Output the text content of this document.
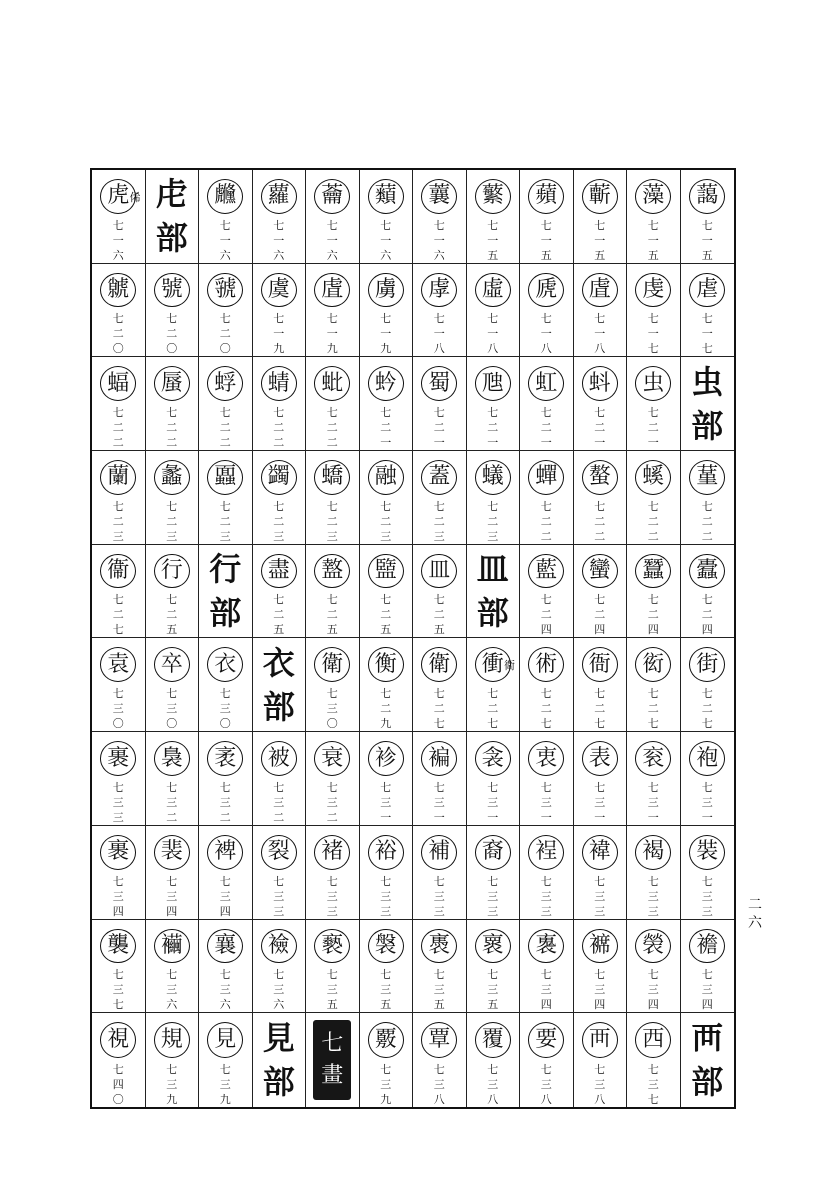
虎
七
一
六
俙 虍
部
虪
七
一
六
蘿
七
一
六
蘥
七
一
六
蘱
七
一
六
蘘
七
一
六
蘩
七
一
五
蘋
七
一
五
蘄
七
一
五
藻
七
一
五
藹
七
一
五
虩
七
二
〇
號
七
二
〇
虢
七
二
〇
虞
七
一
九
虘
七
一
九
虜
七
一
九
虖
七
一
八
虛
七
一
八
虒
七
一
八
虘
七
一
八
虔
七
一
七
虐
七
一
七
蝠
七
二
二
蜃
七
二
二
蜉
七
二
二
蜻
七
二
二
蚍
七
二
二
蚙
七
二
一
蜀
七
二
一
虺
七
二
一
虹
七
二
一
蚪
七
二
一
虫
七
二
一
虫
部
蘭
七
二
三
蠡
七
二
三
蠠
七
二
三
蠲
七
二
三
蟜
七
二
三
融
七
二
三
蓋
七
二
三
蟻
七
二
三
蟬
七
二
二
螯
七
二
二
螇
七
二
二
蓳
七
二
二
衞
七
二
七
行
七
二
五
行
部
盡
七
二
五
盩
七
二
五
盬
七
二
五
皿
七
二
五
皿
部
藍
七
二
四
蠻
七
二
四
蠶
七
二
四
蠹
七
二
四
袁
七
三
〇
卒
七
三
〇
衣
七
三
〇
衣
部
衛
七
三
〇
衡
七
二
九
衛
七
二
七
衝
七
二
七
衛 術
七
二
七
衙
七
二
七
衒
七
二
七
街
七
二
七
裹
七
三
三
裊
七
三
二
袤
七
三
二
被
七
三
二
衰
七
三
二
袗
七
三
一
褊
七
三
一
衾
七
三
一
衷
七
三
一
表
七
三
一
衮
七
三
一
袍
七
三
一
裹
七
三
四
裴
七
三
四
裨
七
三
四
裂
七
三
三
褚
七
三
三
裕
七
三
三
補
七
三
三
裔
七
三
三
裎
七
三
三
褘
七
三
三
褐
七
三
三
裝
七
三
三
襲
七
三
七
襺
七
三
六
襄
七
三
六
襝
七
三
六
褻
七
三
五
褩
七
三
五
褭
七
三
五
褱
七
三
五
褢
七
三
四
褯
七
三
四
褮
七
三
四
襜
七
三
四
視
七
四
〇
規
七
三
九
見
七
三
九
見
部
七
畫
覈
七
三
九
覃
七
三
八
覆
七
三
八
要
七
三
八
襾
七
三
八
西
七
三
七
襾
部
二
六
